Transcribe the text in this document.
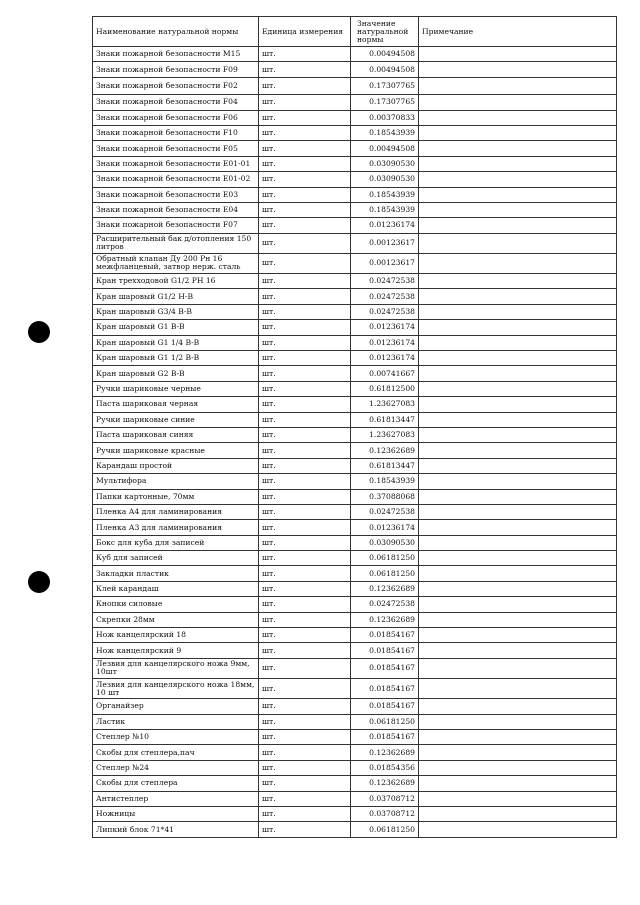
Наименование натуральной нормы	Единица измерения	Значение натуральной нормы	Примечание
Знаки пожарной безопасности М15	шт.	0.00494508	
Знаки пожарной безопасности F09	шт.	0.00494508	
Знаки пожарной безопасности F02	шт.	0.17307765	
Знаки пожарной безопасности F04	шт.	0.17307765	
Знаки пожарной безопасности F06	шт.	0.00370833	
Знаки пожарной безопасности F10	шт.	0.18543939	
Знаки пожарной безопасности F05	шт.	0.00494508	
Знаки пожарной безопасности E01-01	шт.	0.03090530	
Знаки пожарной безопасности E01-02	шт.	0.03090530	
Знаки пожарной безопасности E03	шт.	0.18543939	
Знаки пожарной безопасности E04	шт.	0.18543939	
Знаки пожарной безопасности F07	шт.	0.01236174	
Расширительный бак д/отопления 150 литров	шт.	0.00123617	
Обратный клапан Ду 200 Рн 16 межфланцевый, затвор нерж. сталь	шт.	0.00123617	
Кран трехходовой G1/2 PH 16	шт.	0.02472538	
Кран шаровый G1/2 Н-В	шт.	0.02472538	
Кран шаровый G3/4 В-В	шт.	0.02472538	
Кран шаровый G1 В-В	шт.	0.01236174	
Кран шаровый G1 1/4 В-В	шт.	0.01236174	
Кран шаровый G1 1/2 В-В	шт.	0.01236174	
Кран шаровый G2 В-В	шт.	0.00741667	
Ручки шариковые черные	шт.	0.61812500	
Паста шариковая черная	шт.	1.23627083	
Ручки шариковые синие	шт.	0.61813447	
Паста шариковая синяя	шт.	1.23627083	
Ручки шариковые красные	шт.	0.12362689	
Карандаш простой	шт.	0.61813447	
Мультифора	шт.	0.18543939	
Папки картонные, 70мм	шт.	0.37088068	
Пленка А4 для ламинирования	шт.	0.02472538	
Пленка А3 для ламинирования	шт.	0.01236174	
Бокс для куба для записей	шт.	0.03090530	
Куб для записей	шт.	0.06181250	
Закладки пластик	шт.	0.06181250	
Клей карандаш	шт.	0.12362689	
Кнопки силовые	шт.	0.02472538	
Скрепки 28мм	шт.	0.12362689	
Нож канцелярский 18	шт.	0.01854167	
Нож канцелярский 9	шт.	0.01854167	
Лезвия для канцелярского ножа 9мм, 10шт	шт.	0.01854167	
Лезвия для канцелярского ножа 18мм, 10 шт	шт.	0.01854167	
Органайзер	шт.	0.01854167	
Ластик	шт.	0.06181250	
Степлер №10	шт.	0.01854167	
Скобы для степлера,пач	шт.	0.12362689	
Степлер №24	шт.	0.01854356	
Скобы для степлера	шт.	0.12362689	
Антистеплер	шт.	0.03708712	
Ножницы	шт.	0.03708712	
Липкий блок 71*41	шт.	0.06181250	
